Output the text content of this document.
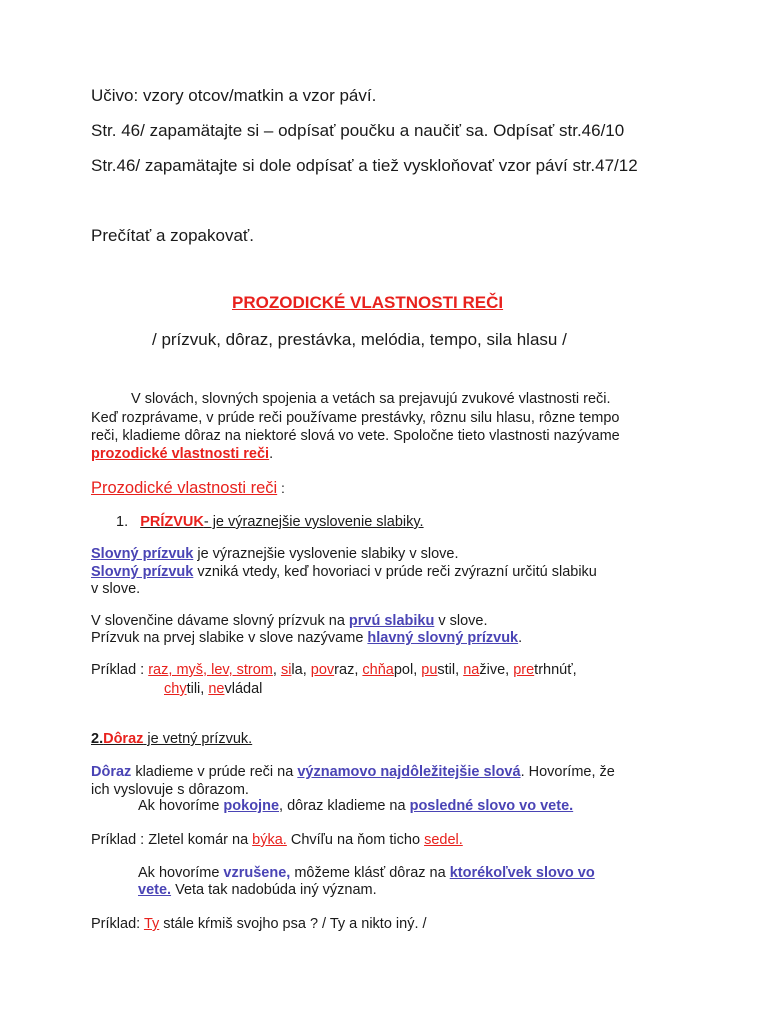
Učivo: vzory otcov/matkin a vzor páví.

Str. 46/ zapamätajte si – odpísať poučku a naučiť sa. Odpísať str.46/10

Str.46/ zapamätajte si dole odpísať a tiež vyskloňovať vzor páví str.47/12

Prečítať a zopakovať.

PROZODICKÉ VLASTNOSTI REČI

/ prízvuk, dôraz, prestávka, melódia, tempo, sila hlasu /

V slovách, slovných spojenia a vetách sa prejavujú zvukové vlastnosti reči.

Keď rozprávame, v prúde reči používame prestávky, rôznu silu hlasu, rôzne tempo

reči, kladieme dôraz na niektoré slová vo vete. Spoločne tieto vlastnosti nazývame

prozodické vlastnosti reči.

Prozodické vlastnosti reči :

1. PRÍZVUK- je výraznejšie vyslovenie slabiky.

Slovný prízvuk je výraznejšie vyslovenie slabiky v slove.

Slovný prízvuk vzniká vtedy, keď hovoriaci v prúde reči zvýrazní určitú slabiku

v slove.

V slovenčine dávame slovný prízvuk na prvú slabiku v slove.

Prízvuk na prvej slabike v slove nazývame hlavný slovný prízvuk.

Príklad : raz, myš, lev, strom, sila, povraz, chňapol, pustil, nažive, pretrhnúť,

chytili, nevládal

2.Dôraz je vetný prízvuk.

Dôraz kladieme v prúde reči na významovo najdôležitejšie slová. Hovoríme, že

ich vyslovuje s dôrazom.

Ak hovoríme pokojne, dôraz kladieme na posledné slovo vo vete.

Príklad : Zletel komár na býka. Chvíľu na ňom ticho sedel.

Ak hovoríme vzrušene, môžeme klásť dôraz na ktorékoľvek slovo vo

vete. Veta tak nadobúda iný význam.

Príklad: Ty stále kŕmiš svojho psa ? / Ty a nikto iný. /
